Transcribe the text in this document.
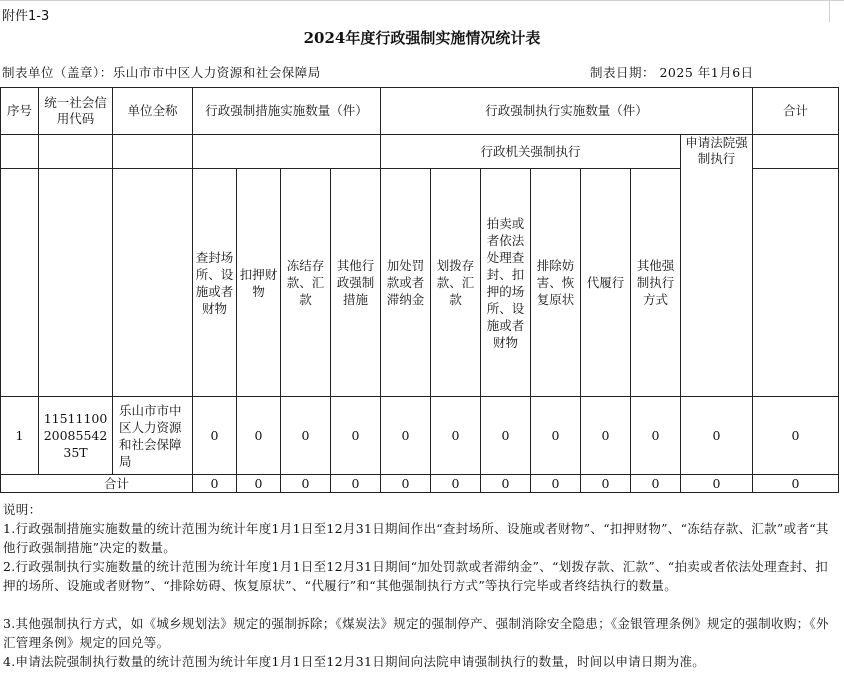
附件1-3
2024年度行政强制实施情况统计表
制表单位（盖章）：乐山市市中区人力资源和社会保障局	制表日期： 2025 年1月6日
序号	统一社会信用代码	单位全称	行政强制措施实施数量（件）				行政强制执行实施数量（件）							合计
							行政机关强制执行						申请法院强制执行	
			查封场所、设施或者财物	扣押财物	冻结存款、汇款	其他行政强制措施	加处罚款或者滞纳金	划拨存款、汇款	拍卖或者依法处理查封、扣押的场所、设施或者财物	排除妨害、恢复原状	代履行	其他强制执行方式		
1	115111002008554235T	乐山市市中区人力资源和社会保障局	0	0	0	0	0	0	0	0	0	0	0	0
合计			0	0	0	0	0	0	0	0	0	0	0	0
说明：
1.行政强制措施实施数量的统计范围为统计年度1月1日至12月31日期间作出“查封场所、设施或者财物”、“扣押财物”、“冻结存款、汇款”或者“其他行政强制措施”决定的数量。
2.行政强制执行实施数量的统计范围为统计年度1月1日至12月31日期间“加处罚款或者滞纳金”、“划拨存款、汇款”、“拍卖或者依法处理查封、扣押的场所、设施或者财物”、“排除妨碍、恢复原状”、“代履行”和“其他强制执行方式”等执行完毕或者终结执行的数量。
3.其他强制执行方式，如《城乡规划法》规定的强制拆除；《煤炭法》规定的强制停产、强制消除安全隐患；《金银管理条例》规定的强制收购；《外汇管理条例》规定的回兑等。
4.申请法院强制执行数量的统计范围为统计年度1月1日至12月31日期间向法院申请强制执行的数量，时间以申请日期为准。
